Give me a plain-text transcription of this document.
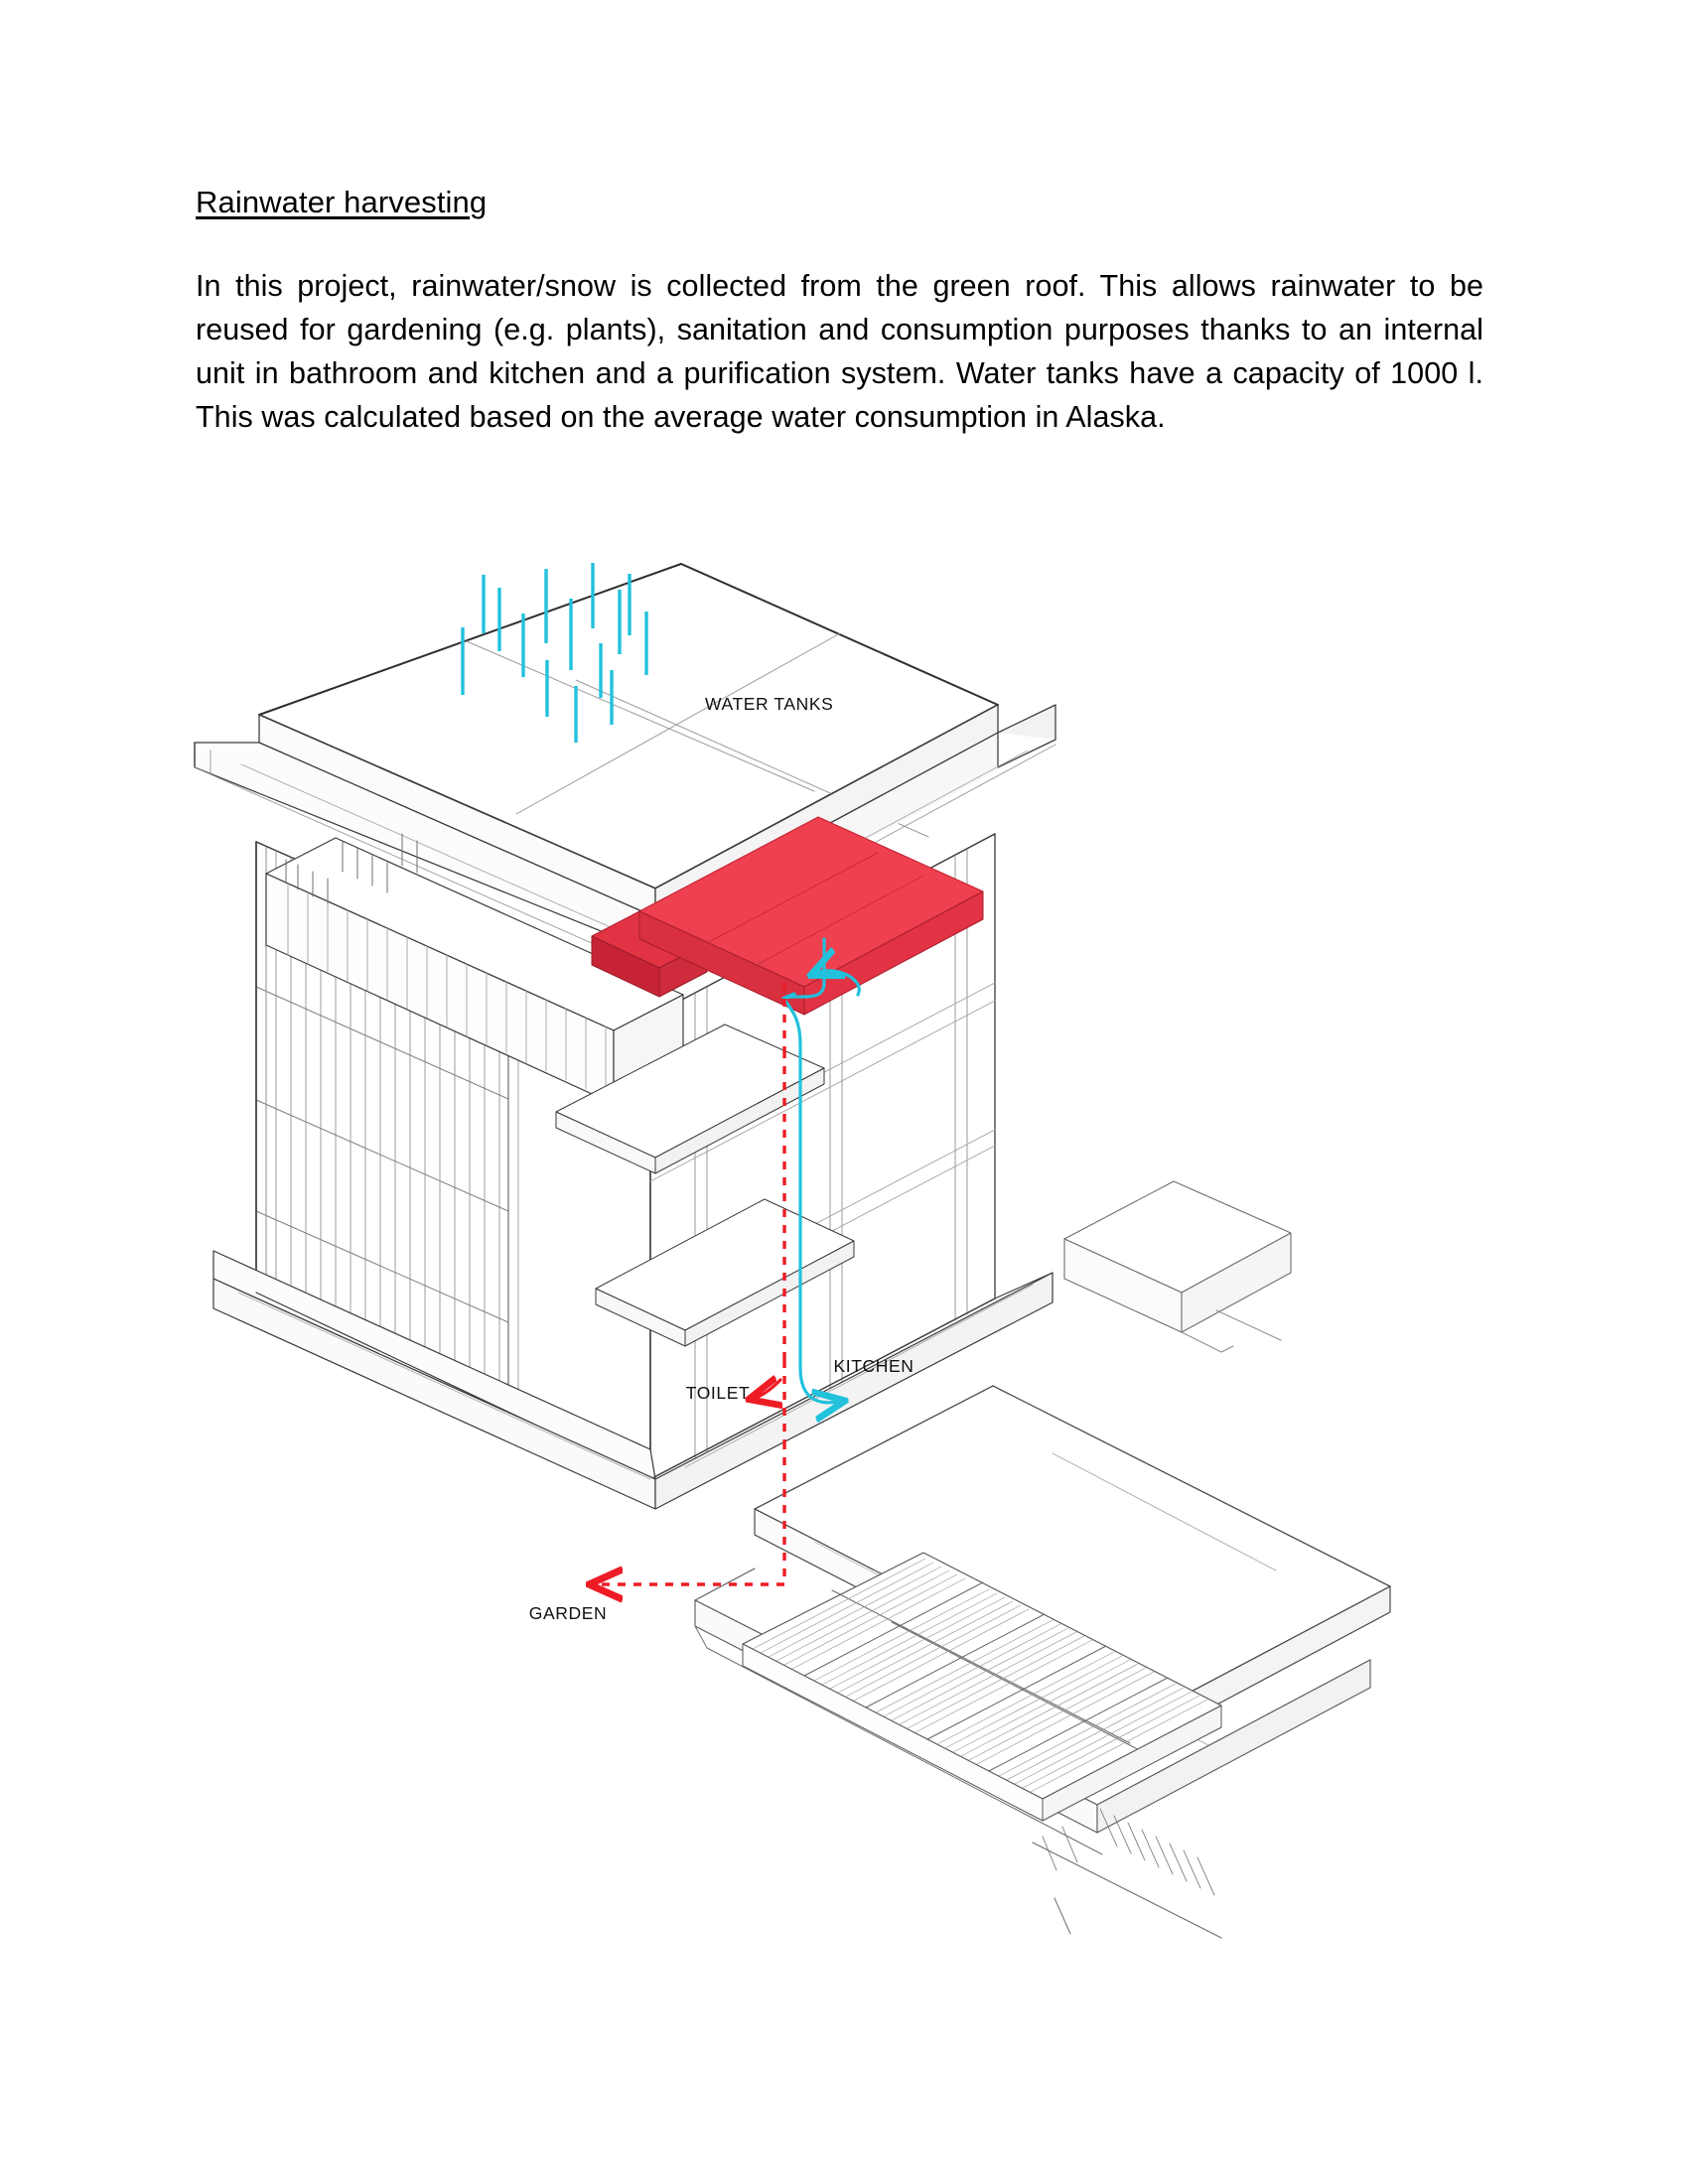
Rainwater harvesting

In this project, rainwater/snow is collected from the green roof. This allows rainwater to be reused for gardening (e.g. plants), sanitation and consumption purposes thanks to an internal unit in bathroom and kitchen and a purification system. Water tanks have a capacity of 1000 l. This was calculated based on the average water consumption in Alaska.

WATER TANKS
TOILET
KITCHEN
GARDEN
